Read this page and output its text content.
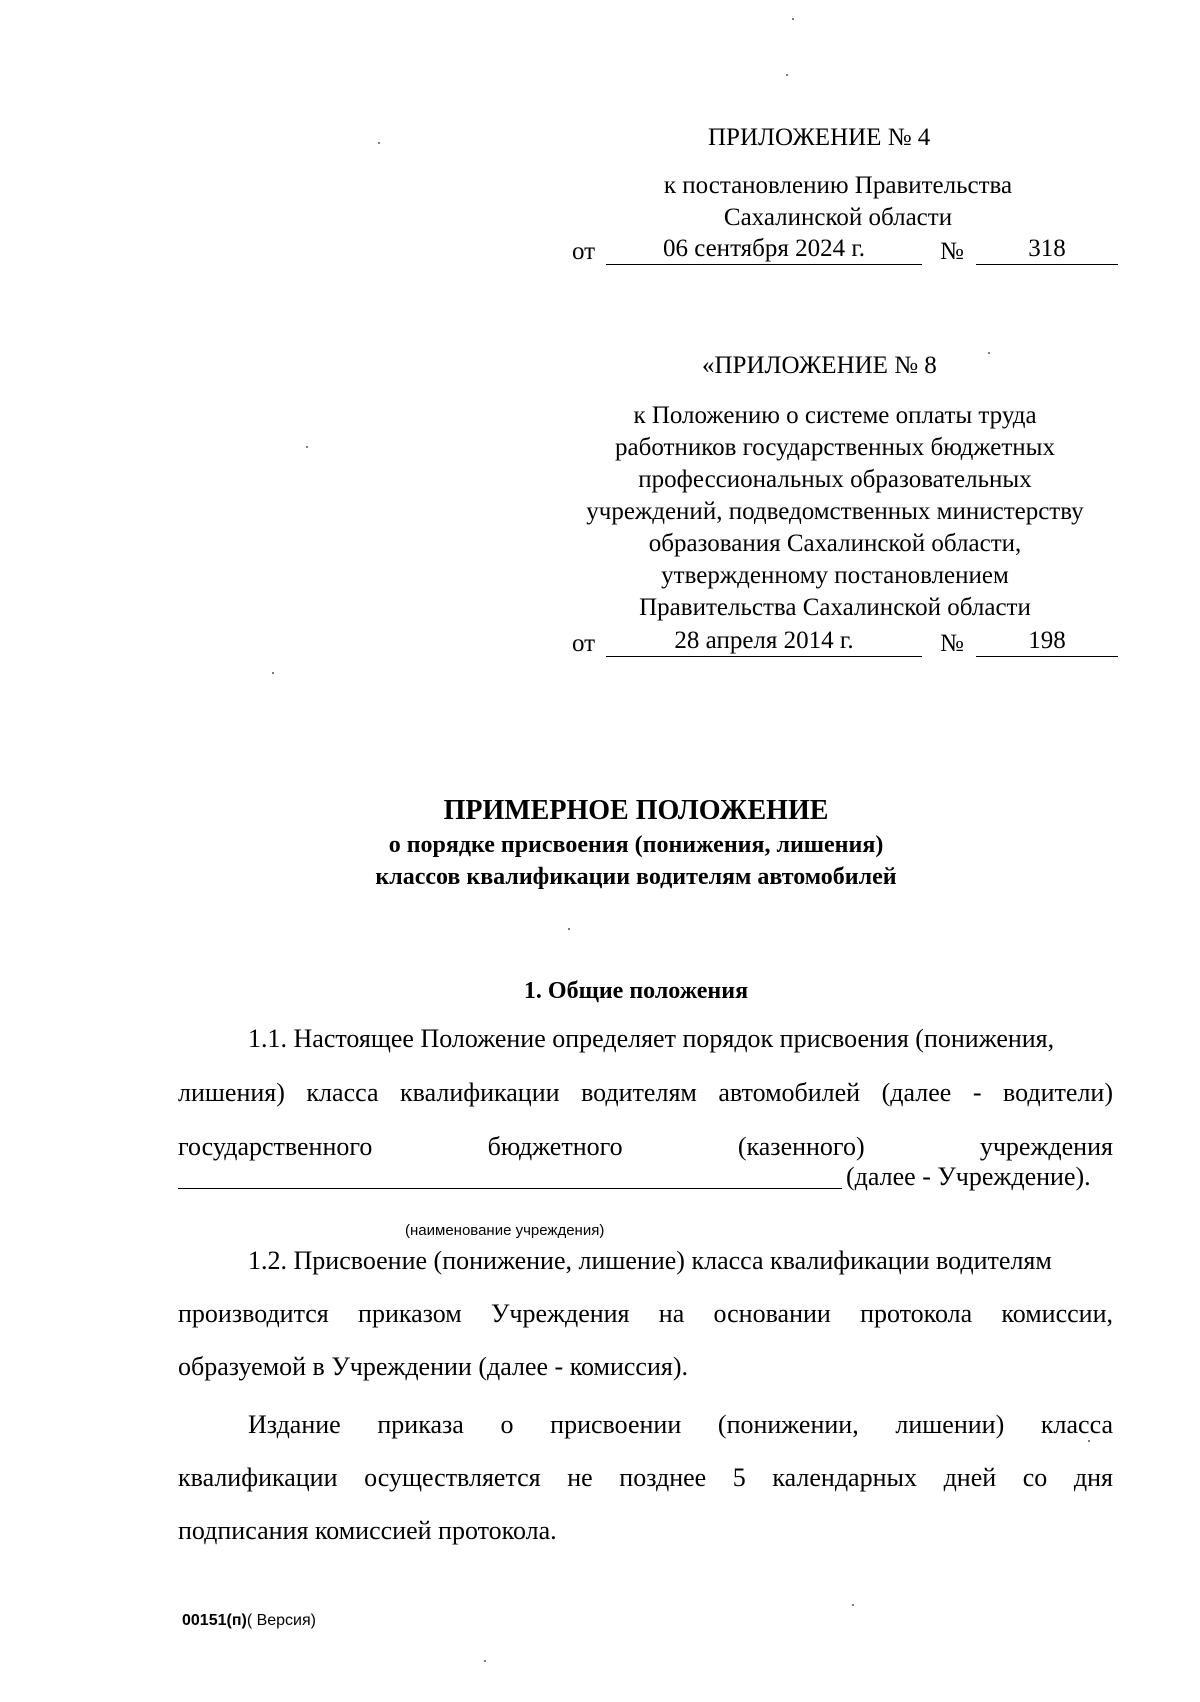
ПРИЛОЖЕНИЕ № 4
к постановлению Правительства
Сахалинской области
от	06 сентября 2024 г.	№	318
«ПРИЛОЖЕНИЕ № 8
к Положению о системе оплаты труда
работников государственных бюджетных
профессиональных образовательных
учреждений, подведомственных министерству
образования Сахалинской области,
утвержденному постановлением
Правительства Сахалинской области
от	28 апреля 2014 г.	№	198
ПРИМЕРНОЕ ПОЛОЖЕНИЕ
о порядке присвоения (понижения, лишения)
классов квалификации водителям автомобилей
1. Общие положения
1.1. Настоящее Положение определяет порядок присвоения (понижения,
лишения) класса квалификации водителям автомобилей (далее - водители)
государственного	бюджетного	(казенного)	учреждения
(далее - Учреждение).
(наименование учреждения)
1.2. Присвоение (понижение, лишение) класса квалификации водителям
производится приказом Учреждения на основании протокола комиссии,
образуемой в Учреждении (далее - комиссия).
Издание приказа о присвоении (понижении, лишении) класса
квалификации осуществляется не позднее 5 календарных дней со дня
подписания комиссией протокола.
00151(п)( Версия)
